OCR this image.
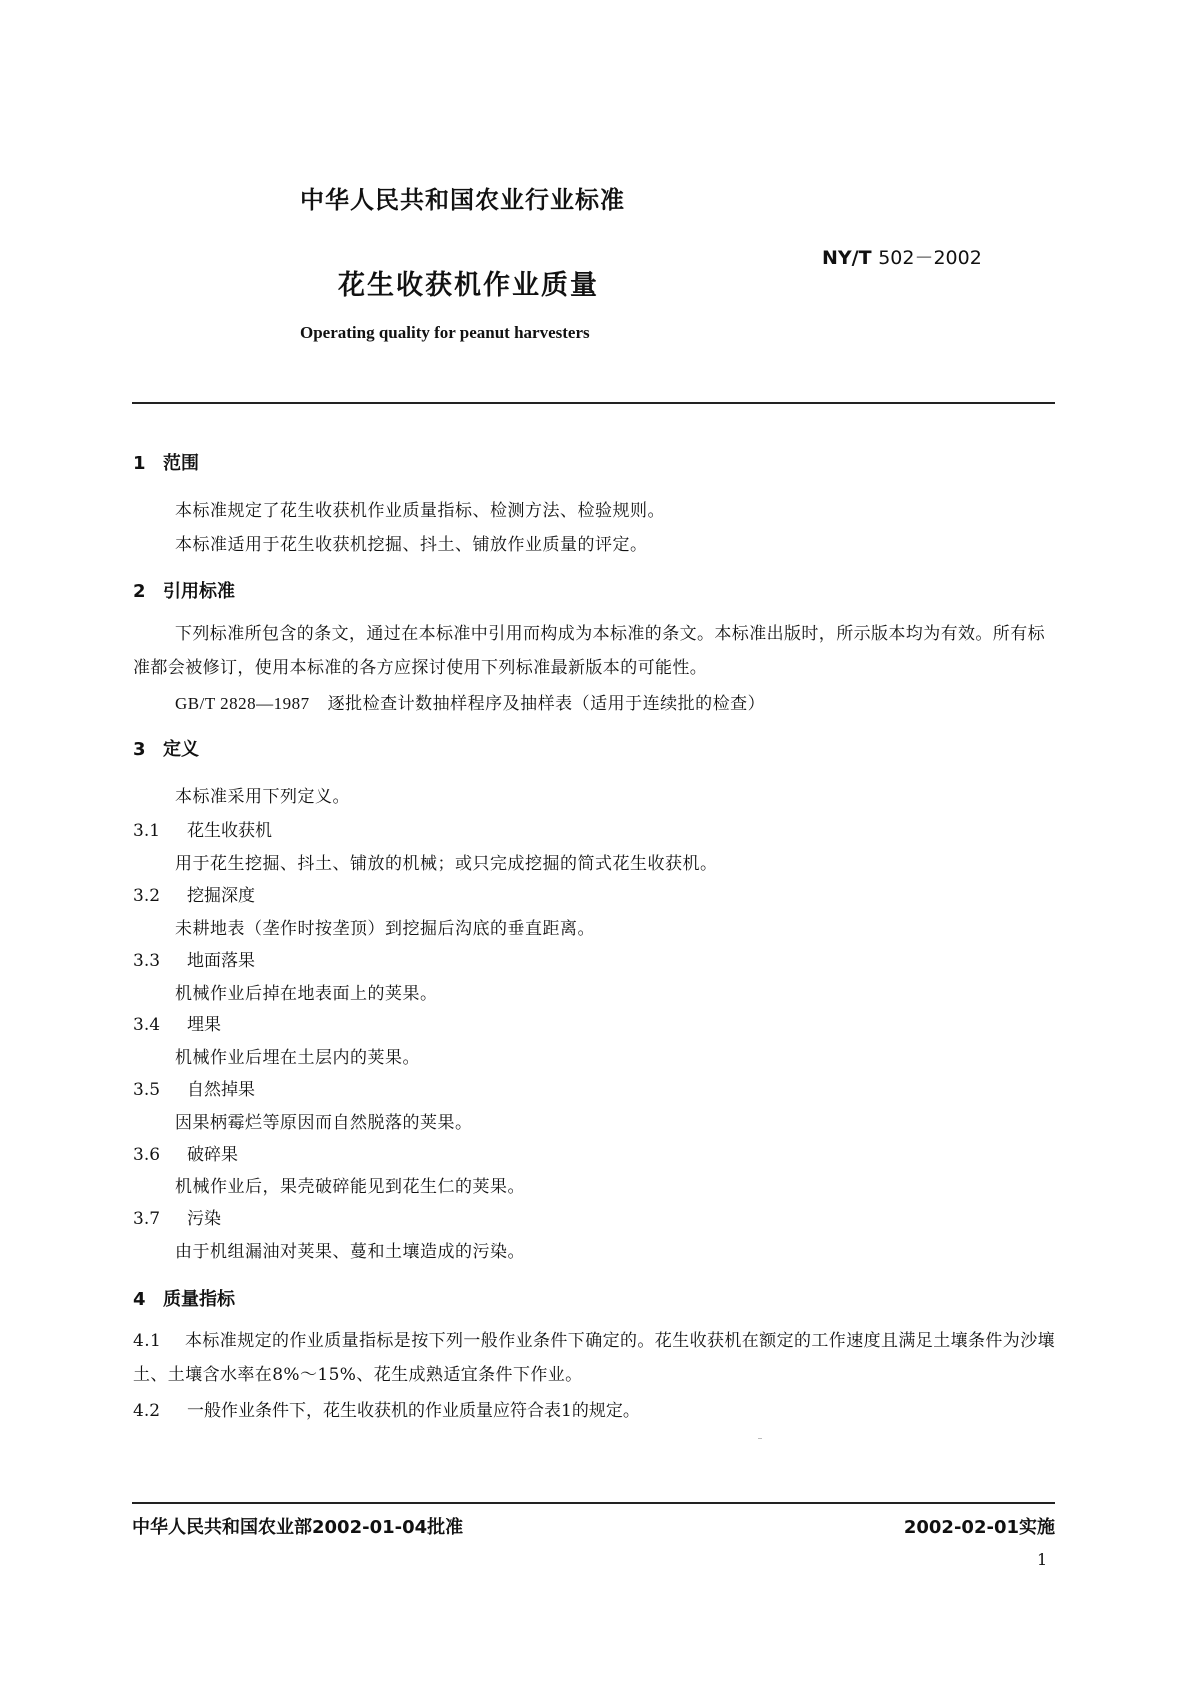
中华人民共和国农业行业标准
NY/T 502－2002
花生收获机作业质量
Operating quality for peanut harvesters
1 范围
本标准规定了花生收获机作业质量指标、检测方法、检验规则。
本标准适用于花生收获机挖掘、抖土、铺放作业质量的评定。
2 引用标准
下列标准所包含的条文，通过在本标准中引用而构成为本标准的条文。本标准出版时，所示版本均为有效。所有标准都会被修订，使用本标准的各方应探讨使用下列标准最新版本的可能性。
GB/T 2828—1987 逐批检查计数抽样程序及抽样表（适用于连续批的检查）
3 定义
本标准采用下列定义。
3.1 花生收获机
用于花生挖掘、抖土、铺放的机械；或只完成挖掘的简式花生收获机。
3.2 挖掘深度
未耕地表（垄作时按垄顶）到挖掘后沟底的垂直距离。
3.3 地面落果
机械作业后掉在地表面上的荚果。
3.4 埋果
机械作业后埋在土层内的荚果。
3.5 自然掉果
因果柄霉烂等原因而自然脱落的荚果。
3.6 破碎果
机械作业后，果壳破碎能见到花生仁的荚果。
3.7 污染
由于机组漏油对荚果、蔓和土壤造成的污染。
4 质量指标
4.1 本标准规定的作业质量指标是按下列一般作业条件下确定的。花生收获机在额定的工作速度且满足土壤条件为沙壤土、土壤含水率在8%～15%、花生成熟适宜条件下作业。
4.2 一般作业条件下，花生收获机的作业质量应符合表1的规定。
中华人民共和国农业部2002-01-04批准	2002-02-01实施
1
